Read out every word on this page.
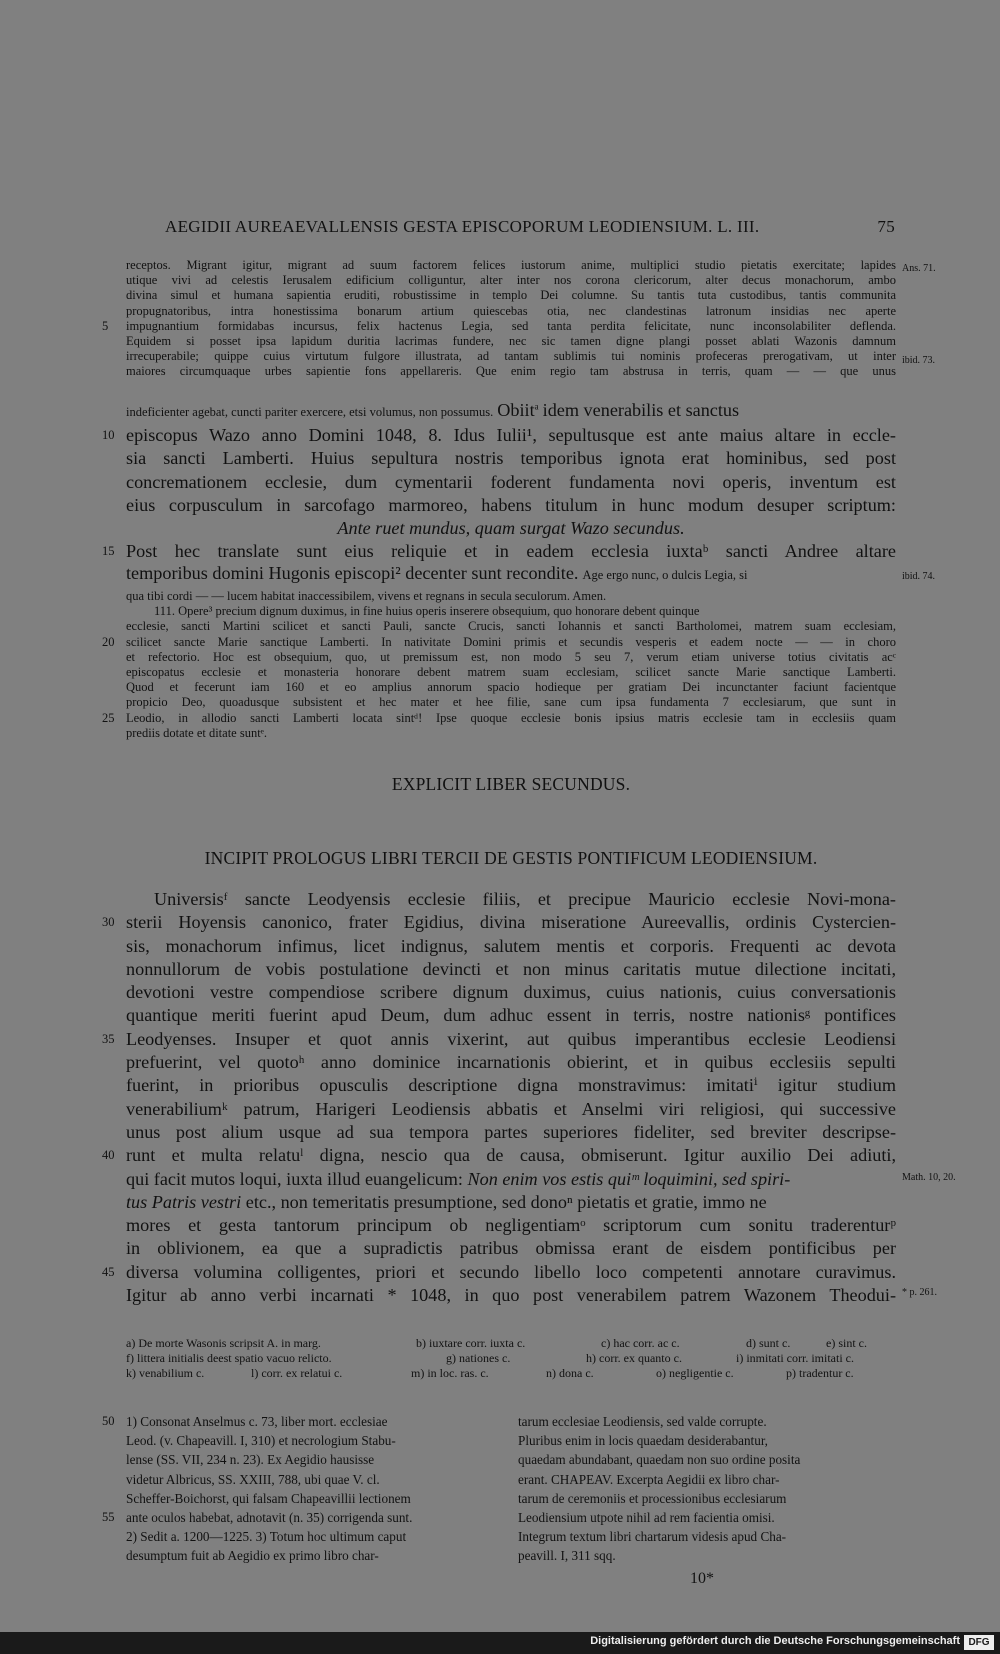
AEGIDII AUREAEVALLENSIS GESTA EPISCOPORUM LEODIENSIUM. L. III.	75
receptos. Migrant igitur, migrant ad suum factorem felices iustorum anime, multiplici studio pietatis exercitate; lapides
utique vivi ad celestis Ierusalem edificium colliguntur, alter inter nos corona clericorum, alter decus monachorum, ambo
divina simul et humana sapientia eruditi, robustissime in templo Dei columne. Su tantis tuta custodibus, tantis communita
propugnatoribus, intra honestissima bonarum artium quiescebas otia, nec clandestinas latronum insidias nec aperte
5	impugnantium formidabas incursus, felix hactenus Legia, sed tanta perdita felicitate, nunc inconsolabiliter deflenda.
Equidem si posset ipsa lapidum duritia lacrimas fundere, nec sic tamen digne plangi posset ablati Wazonis damnum
irrecuperabile; quippe cuius virtutum fulgore illustrata, ad tantam sublimis tui nominis profeceras prerogativam, ut inter
maiores circumquaque urbes sapientie fons appellareris. Que enim regio tam abstrusa in terris, quam — — que unus
Ans. 71.
ibid. 73.
indeficienter agebat, cuncti pariter exercere, etsi volumus, non possumus. Obiit$^a$ idem venerabilis et sanctus
10 episcopus Wazo anno Domini 1048, 8. Idus Iulii¹, sepultusque est ante maius altare in eccle-
sia sancti Lamberti. Huius sepultura nostris temporibus ignota erat hominibus, sed post
concremationem ecclesie, dum cymentarii foderent fundamenta novi operis, inventum est
eius corpusculum in sarcofago marmoreo, habens titulum in hunc modum desuper scriptum:
Ante ruet mundus, quam surgat Wazo secundus.
15 Post hec translate sunt eius reliquie et in eadem ecclesia iuxtaᵇ sancti Andree altare
temporibus domini Hugonis episcopi² decenter sunt recondite. Age ergo nunc, o dulcis Legia, si	ibid. 74.
qua tibi cordi — — lucem habitat inaccessibilem, vivens et regnans in secula seculorum. Amen.
111. Opere³ precium dignum duximus, in fine huius operis inserere obsequium, quo honorare debent quinque
ecclesie, sancti Martini scilicet et sancti Pauli, sancte Crucis, sancti Iohannis et sancti Bartholomei, matrem suam ecclesiam,
20 scilicet sancte Marie sanctique Lamberti. In nativitate Domini primis et secundis vesperis et eadem nocte — — in choro
et refectorio. Hoc est obsequium, quo, ut premissum est, non modo 5 seu 7, verum etiam universe totius civitatis acᶜ
episcopatus ecclesie et monasteria honorare debent matrem suam ecclesiam, scilicet sancte Marie sanctique Lamberti.
Quod et fecerunt iam 160 et eo amplius annorum spacio hodieque per gratiam Dei incunctanter faciunt facientque
propicio Deo, quoadusque subsistent et hec mater et hee filie, sane cum ipsa fundamenta 7 ecclesiarum, que sunt in
25 Leodio, in allodio sancti Lamberti locata sintᵈ! Ipse quoque ecclesie bonis ipsius matris ecclesie tam in ecclesiis quam
prediis dotate et ditate suntᵉ.
EXPLICIT LIBER SECUNDUS.
INCIPIT PROLOGUS LIBRI TERCII DE GESTIS PONTIFICUM LEODIENSIUM.
Universisᶠ sancte Leodyensis ecclesie filiis, et precipue Mauricio ecclesie Novi-mona-
30 sterii Hoyensis canonico, frater Egidius, divina miseratione Aureevallis, ordinis Cystercien-
sis, monachorum infimus, licet indignus, salutem mentis et corporis. Frequenti ac devota
nonnullorum de vobis postulatione devincti et non minus caritatis mutue dilectione incitati,
devotioni vestre compendiose scribere dignum duximus, cuius nationis, cuius conversationis
quantique meriti fuerint apud Deum, dum adhuc essent in terris, nostre nationisᵍ pontifices
35 Leodyenses. Insuper et quot annis vixerint, aut quibus imperantibus ecclesie Leodiensi
prefuerint, vel quotoʰ anno dominice incarnationis obierint, et in quibus ecclesiis sepulti
fuerint, in prioribus opusculis descriptione digna monstravimus: imitatiⁱ igitur studium
venerabiliumᵏ patrum, Harigeri Leodiensis abbatis et Anselmi viri religiosi, qui successive
unus post alium usque ad sua tempora partes superiores fideliter, sed breviter descripse-
40 runt et multa relatuˡ digna, nescio qua de causa, obmiserunt. Igitur auxilio Dei adiuti,
qui facit mutos loqui, iuxta illud euangelicum: Non enim vos estis quiᵐ loquimini, sed spiri-
tus Patris vestri etc., non temeritatis presumptione, sed donoⁿ pietatis et gratie, immo ne
mores et gesta tantorum principum ob negligentiamᵒ scriptorum cum sonitu traderenturᵖ
in oblivionem, ea que a supradictis patribus obmissa erant de eisdem pontificibus per
45 diversa volumina colligentes, priori et secundo libello loco competenti annotare curavimus.
Igitur ab anno verbi incarnati * 1048, in quo post venerabilem patrem Wazonem Theodui-
Math. 10, 20.
* p. 261.
a) De morte Wasonis scripsit A. in marg.	b) iuxtare corr. iuxta c.	c) hac corr. ac c.	d) sunt c.	e) sint c.
f) littera initialis deest spatio vacuo relicto.	g) nationes c.	h) corr. ex quanto c.	i) inmitati corr. imitati c.
k) venabilium c.	l) corr. ex relatui c.	m) in loc. ras. c.	n) dona c.	o) negligentie c.	p) tradentur c.
50 1) Consonat Anselmus c. 73, liber mort. ecclesiae
Leod. (v. Chapeavill. I, 310) et necrologium Stabu-
lense (SS. VII, 234 n. 23). Ex Aegidio hausisse
videtur Albricus, SS. XXIII, 788, ubi quae V. cl.
Scheffer-Boichorst, qui falsam Chapeavillii lectionem
55 ante oculos habebat, adnotavit (n. 35) corrigenda sunt.
2) Sedit a. 1200—1225. 3) Totum hoc ultimum caput
desumptum fuit ab Aegidio ex primo libro char-
tarum ecclesiae Leodiensis, sed valde corrupte.
Pluribus enim in locis quaedam desiderabantur,
quaedam abundabant, quaedam non suo ordine posita
erant. CHAPEAV. Excerpta Aegidii ex libro char-
tarum de ceremoniis et processionibus ecclesiarum
Leodiensium utpote nihil ad rem facientia omisi.
Integrum textum libri chartarum videsis apud Cha-
peavill. I, 311 sqq.
10*
Digitalisierung gefördert durch die Deutsche Forschungsgemeinschaft DFG
